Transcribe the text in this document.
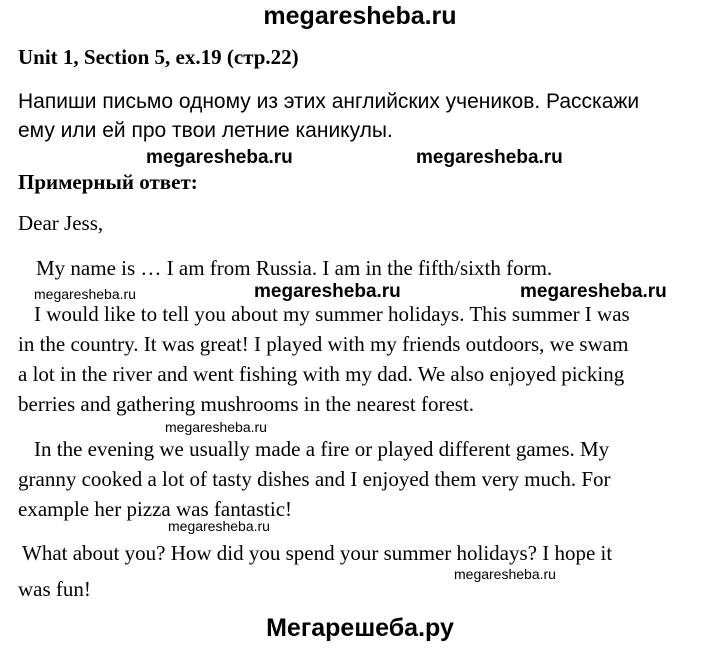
megaresheba.ru
Unit 1, Section 5, ex.19 (стр.22)
Напиши письмо одному из этих английских учеников. Расскажи
ему или ей про твои летние каникулы.
megaresheba.ru	megaresheba.ru
Примерный ответ:
Dear Jess,
My name is … I am from Russia. I am in the fifth/sixth form.
megaresheba.ru	megaresheba.ru	megaresheba.ru
I would like to tell you about my summer holidays. This summer I was
in the country. It was great! I played with my friends outdoors, we swam
a lot in the river and went fishing with my dad. We also enjoyed picking
berries and gathering mushrooms in the nearest forest.
megaresheba.ru
In the evening we usually made a fire or played different games. My
granny cooked a lot of tasty dishes and I enjoyed them very much. For
example her pizza was fantastic!
megaresheba.ru
What about you? How did you spend your summer holidays? I hope it
megaresheba.ru
was fun!
Мегарешеба.ру
